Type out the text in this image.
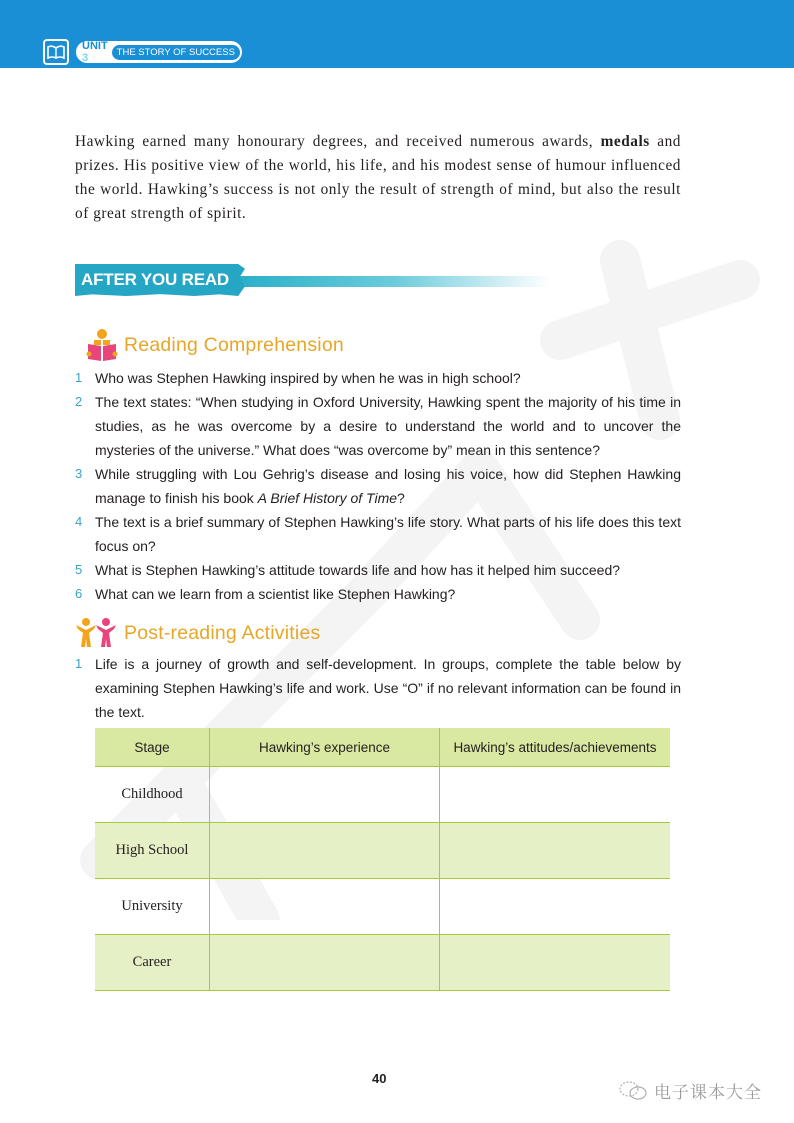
UNIT 3	THE STORY OF SUCCESS
Hawking earned many honourary degrees, and received numerous awards, medals and prizes. His positive view of the world, his life, and his modest sense of humour influenced the world. Hawking’s success is not only the result of strength of mind, but also the result of great strength of spirit.
AFTER YOU READ
Reading Comprehension
1 Who was Stephen Hawking inspired by when he was in high school?
2 The text states: “When studying in Oxford University, Hawking spent the majority of his time in studies, as he was overcome by a desire to understand the world and to uncover the mysteries of the universe.” What does “was overcome by” mean in this sentence?
3 While struggling with Lou Gehrig’s disease and losing his voice, how did Stephen Hawking manage to finish his book A Brief History of Time?
4 The text is a brief summary of Stephen Hawking’s life story. What parts of his life does this text focus on?
5 What is Stephen Hawking’s attitude towards life and how has it helped him succeed?
6 What can we learn from a scientist like Stephen Hawking?
Post-reading Activities
1 Life is a journey of growth and self-development. In groups, complete the table below by examining Stephen Hawking’s life and work. Use “O” if no relevant information can be found in the text.
Stage	Hawking’s experience	Hawking’s attitudes/achievements
Childhood		
High School		
University		
Career		
40
电子课本大全
